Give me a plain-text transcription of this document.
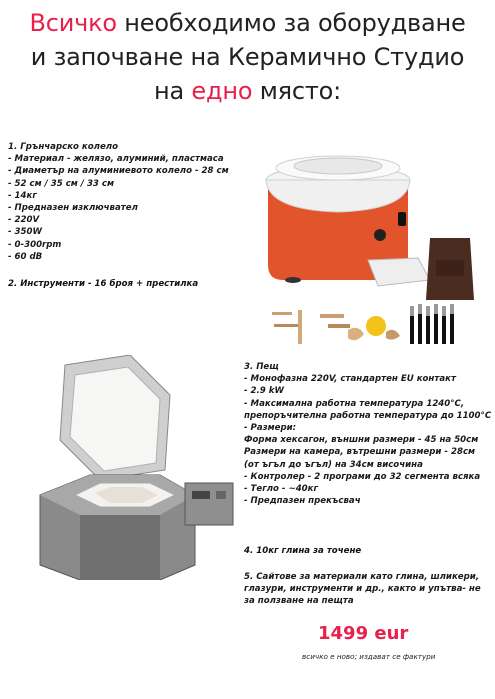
Всичко необходимо за оборудване
и започване на Керамично Студио
на едно място:
1. Грънчарско колело
- Материал - желязо, алуминий, пластмаса
- Диаметър на алуминиевото колело - 28 см
- 52 см / 35 см / 33 см
- 14кг
- Предназен изключвател
- 220V
- 350W
- 0-300rpm
- 60 dB
2. Инструменти - 16 броя + престилка
3. Пещ
- Монофазна 220V, стандартен EU контакт
- 2.9 kW
- Максимална работна температура 1240°C, препоръчителна работна температура до 1100°C
- Размери:
Форма хексагон, външни размери - 45 на 50см
Размери на камера, вътрешни размери - 28см (от ъгъл до ъгъл) на 34см височина
- Контролер - 2 програми до 32 сегмента всяка
- Тегло - ~40кг
- Предпазен прекъсвач
4. 10кг глина за точене
5. Сайтове за материали като глина, шликери, глазури, инструменти и др., както и упътва- не за ползване на пещта
1499 eur
всичко е ново; издават се фактури
